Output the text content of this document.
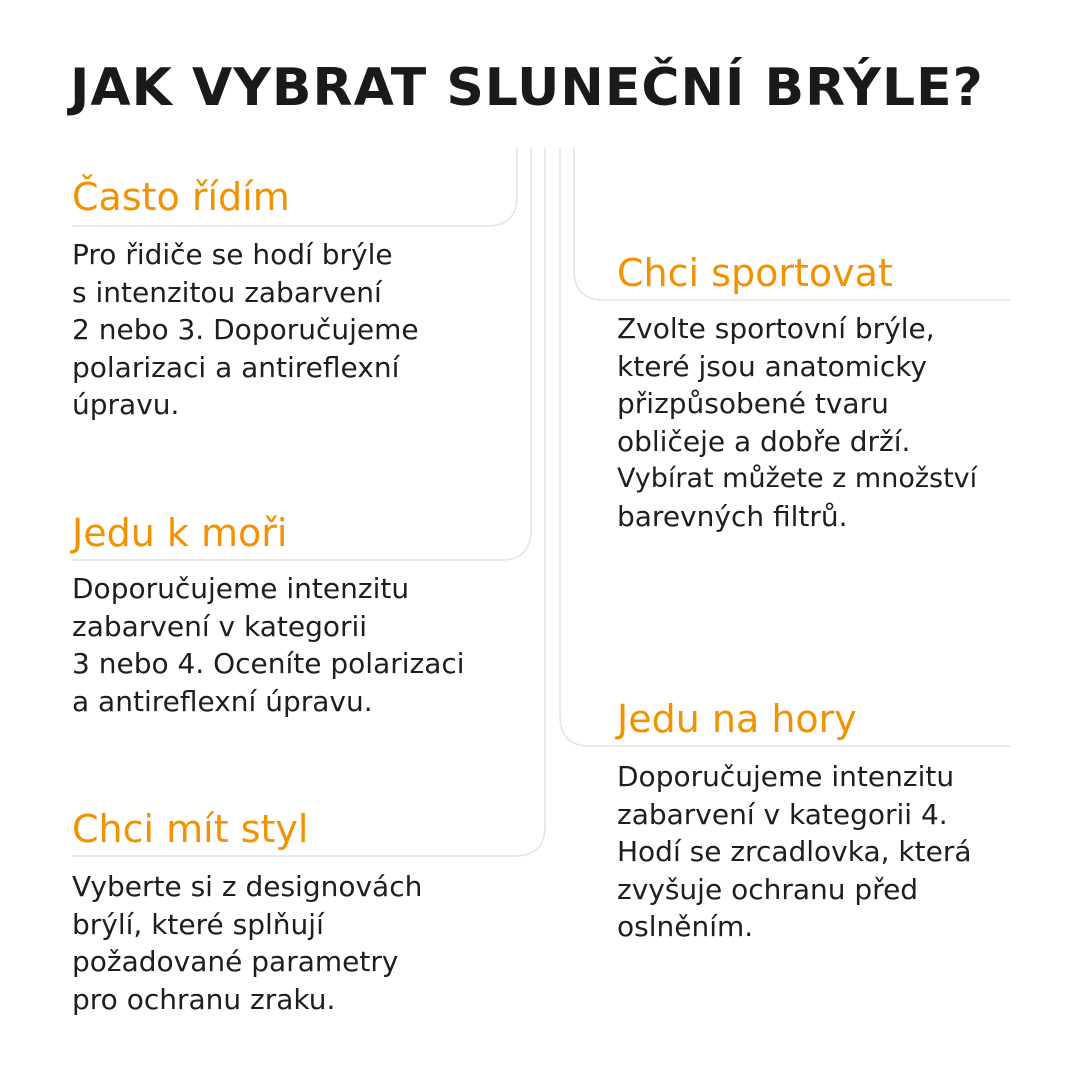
JAK VYBRAT SLUNEČNÍ BRÝLE?
Často řídím
Pro řidiče se hodí brýle
s intenzitou zabarvení
2 nebo 3. Doporučujeme
polarizaci a antireflexní
úpravu.
Jedu k moři
Doporučujeme intenzitu
zabarvení v kategorii
3 nebo 4. Oceníte polarizaci
a antireflexní úpravu.
Chci mít styl
Vyberte si z designovách
brýlí, které splňují
požadované parametry
pro ochranu zraku.
Chci sportovat
Zvolte sportovní brýle,
které jsou anatomicky
přizpůsobené tvaru
obličeje a dobře drží.
Vybírat můžete z množství
barevných filtrů.
Jedu na hory
Doporučujeme intenzitu
zabarvení v kategorii 4.
Hodí se zrcadlovka, která
zvyšuje ochranu před
oslněním.
